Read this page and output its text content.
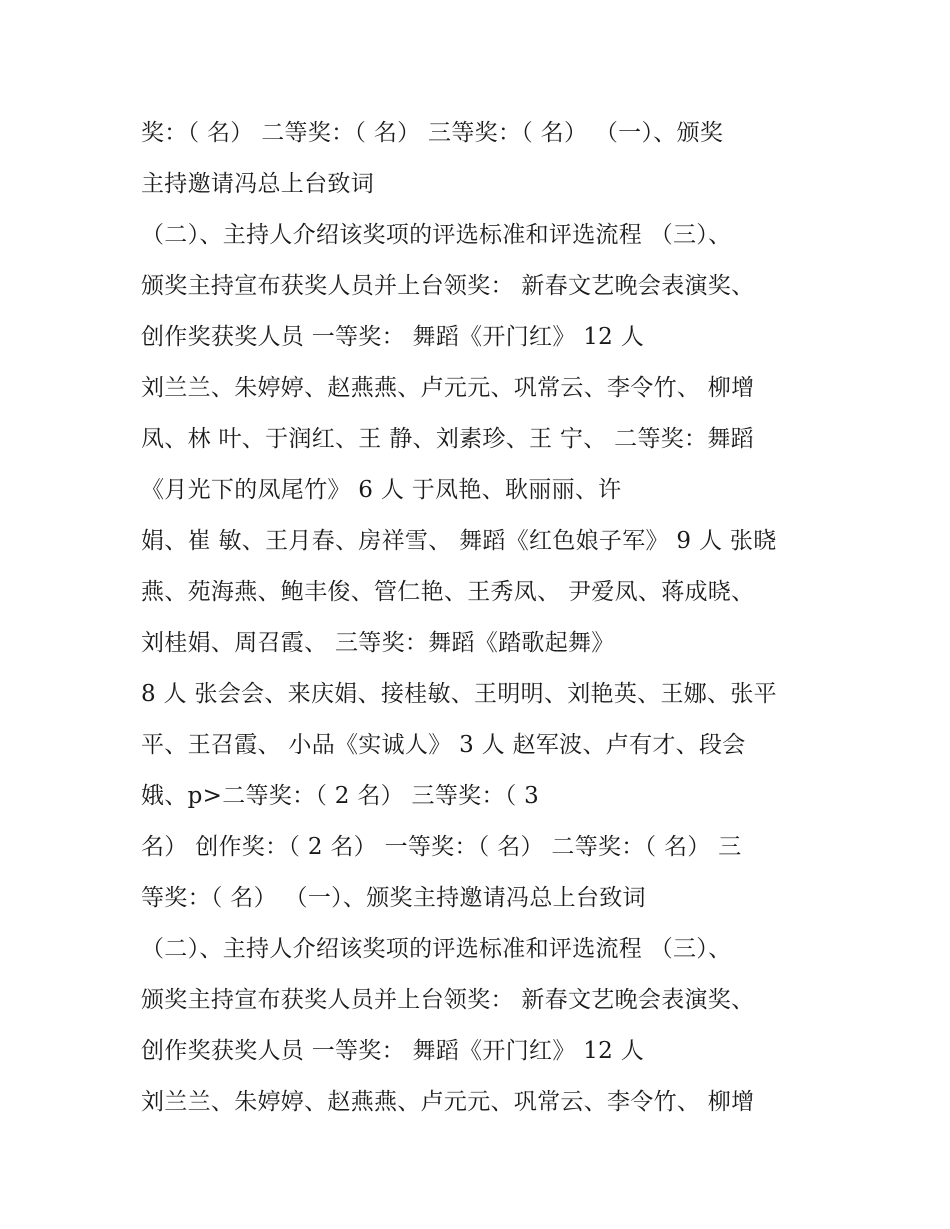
奖：（ 名） 二等奖：（ 名） 三等奖：（ 名） （一）、颁奖
主持邀请冯总上台致词
（二）、主持人介绍该奖项的评选标准和评选流程 （三）、
颁奖主持宣布获奖人员并上台领奖： 新春文艺晚会表演奖、
创作奖获奖人员 一等奖： 舞蹈《开门红》 12 人
刘兰兰、朱婷婷、赵燕燕、卢元元、巩常云、李令竹、 柳增
凤、林 叶、于润红、王 静、刘素珍、王 宁、 二等奖：舞蹈
《月光下的凤尾竹》 6 人 于凤艳、耿丽丽、许
娟、崔 敏、王月春、房祥雪、 舞蹈《红色娘子军》 9 人 张晓
燕、苑海燕、鲍丰俊、管仁艳、王秀凤、 尹爱凤、蒋成晓、
刘桂娟、周召霞、 三等奖：舞蹈《踏歌起舞》
8 人 张会会、来庆娟、接桂敏、王明明、刘艳英、王娜、张平
平、王召霞、 小品《实诚人》 3 人 赵军波、卢有才、段会
娥、p>二等奖：（ 2 名） 三等奖：（ 3
名） 创作奖：（ 2 名） 一等奖：（ 名） 二等奖：（ 名） 三
等奖：（ 名） （一）、颁奖主持邀请冯总上台致词
（二）、主持人介绍该奖项的评选标准和评选流程 （三）、
颁奖主持宣布获奖人员并上台领奖： 新春文艺晚会表演奖、
创作奖获奖人员 一等奖： 舞蹈《开门红》 12 人
刘兰兰、朱婷婷、赵燕燕、卢元元、巩常云、李令竹、 柳增
